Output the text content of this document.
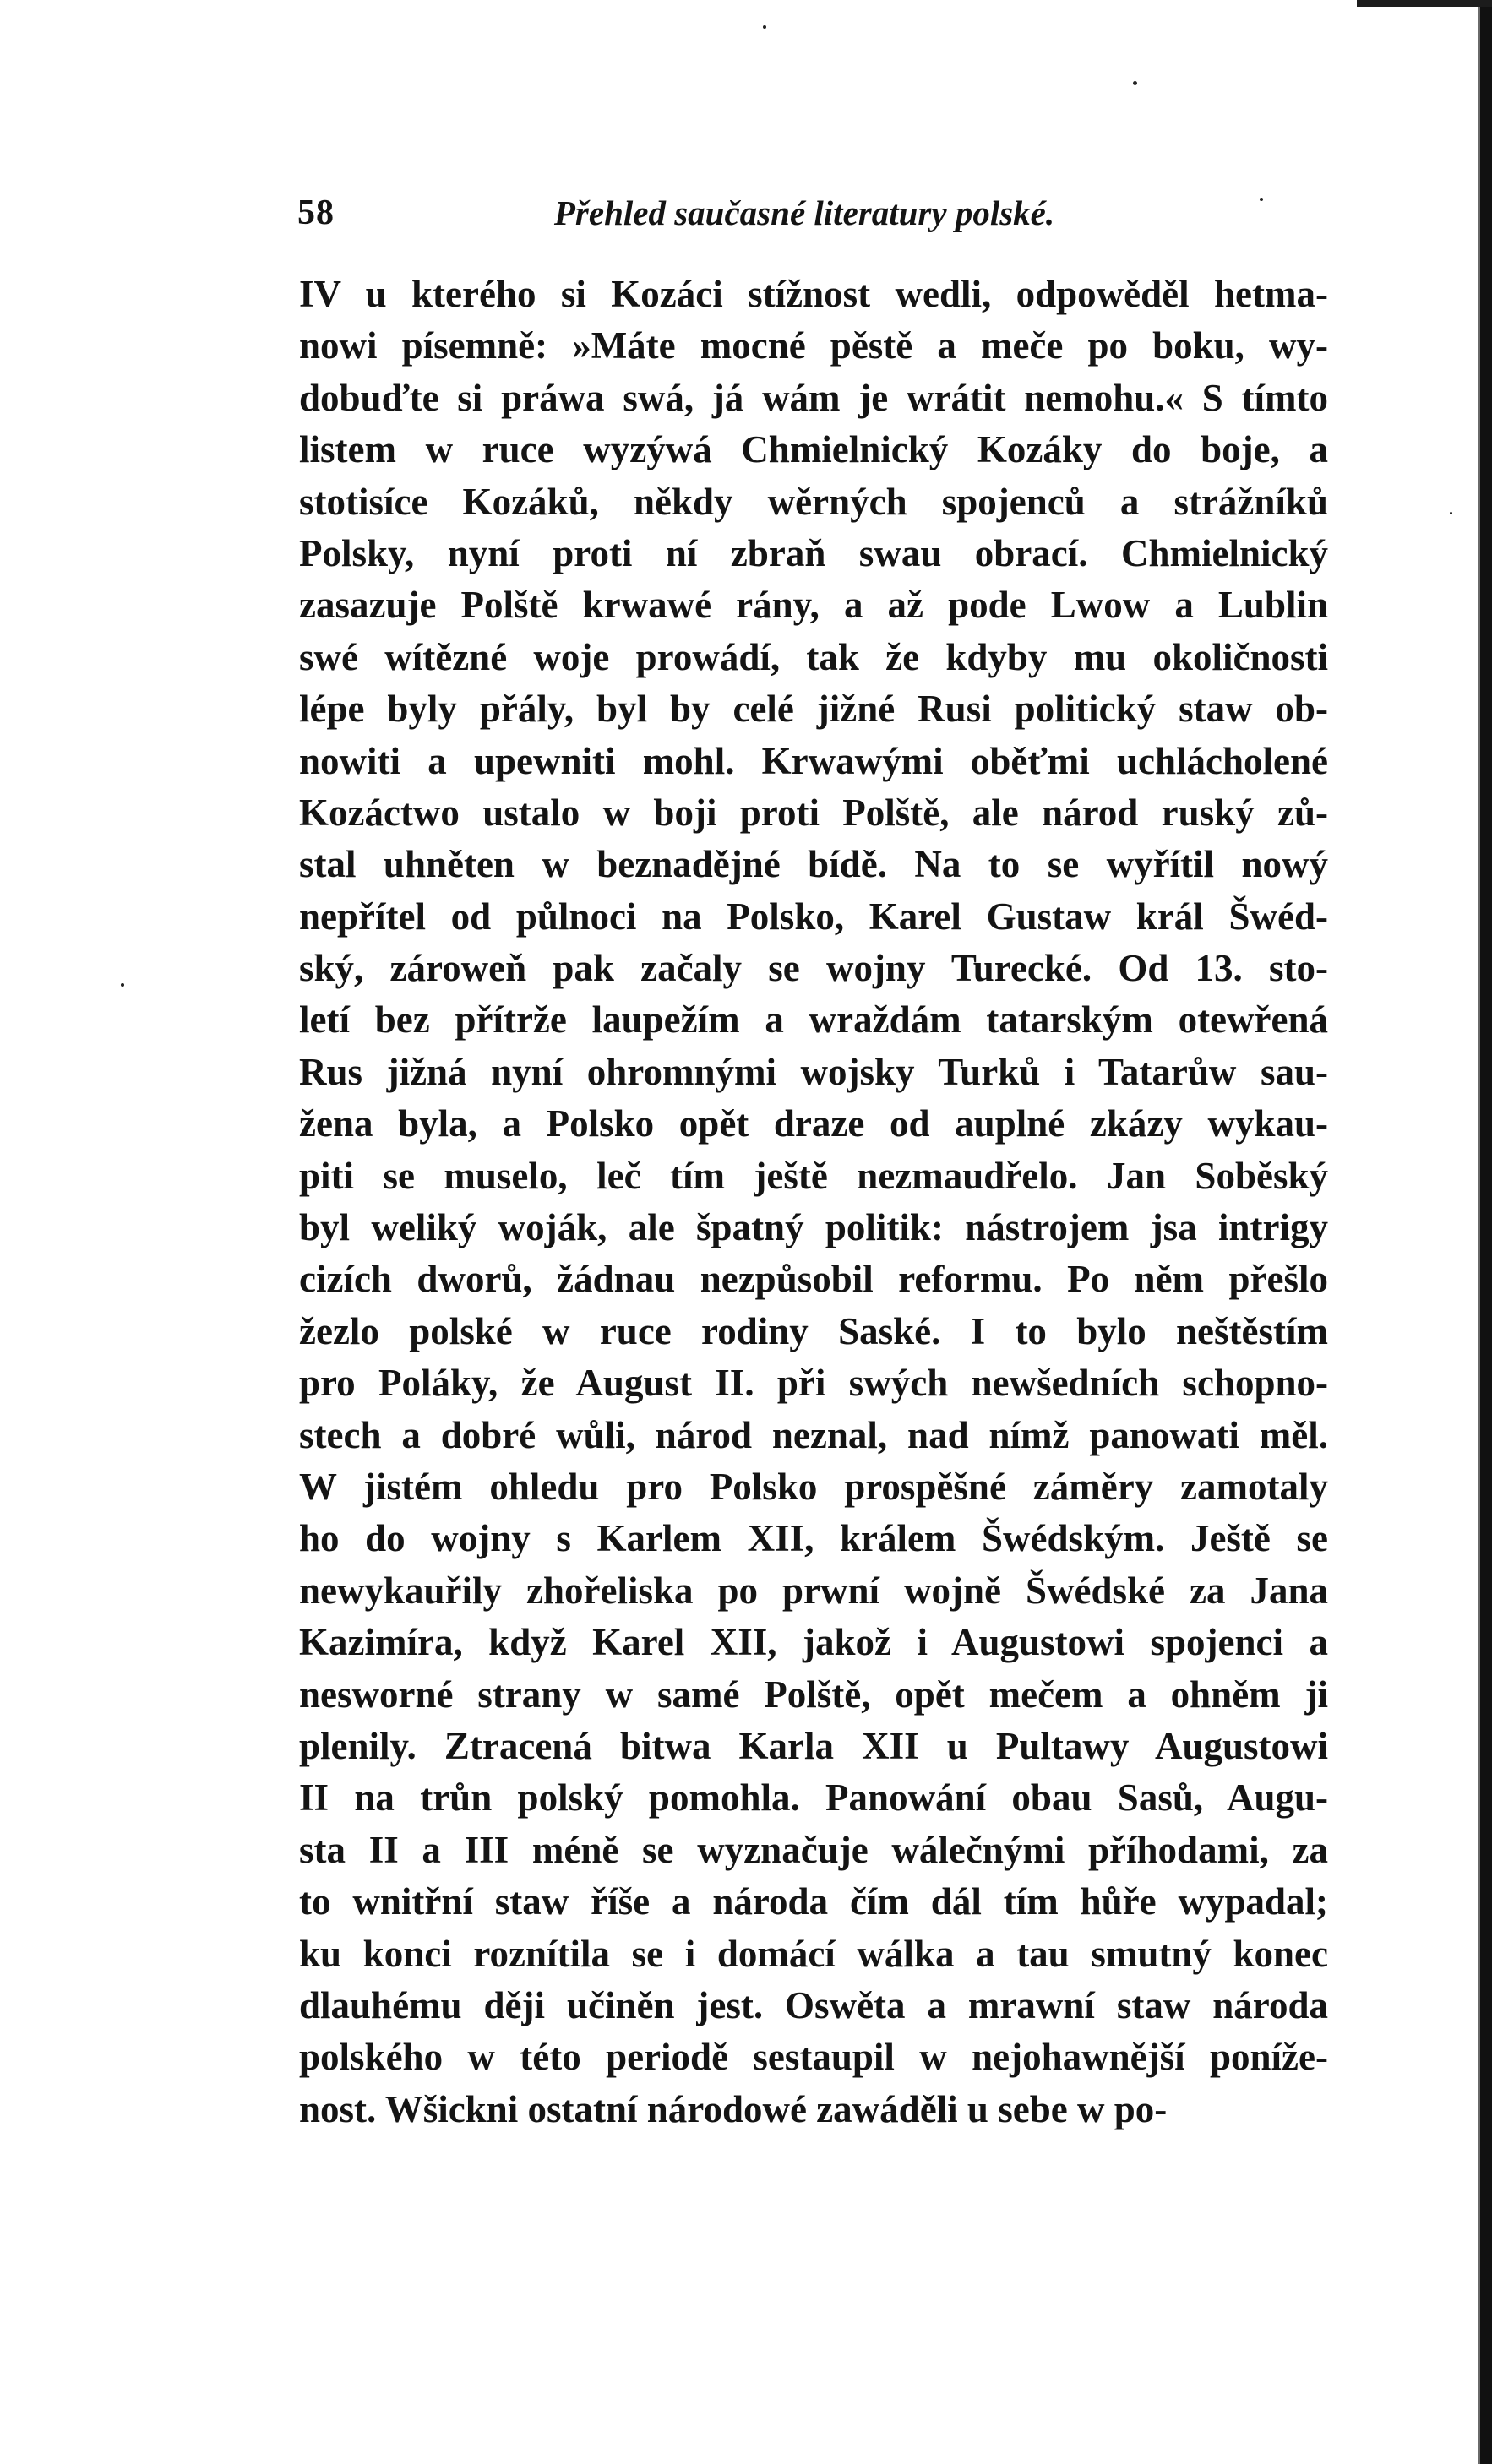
58	Přehled saučasné literatury polské.
IV u kterého si Kozáci stížnost wedli, odpowěděl hetma-
nowi písemně: »Máte mocné pěstě a meče po boku, wy-
dobuďte si práwa swá, já wám je wrátit nemohu.« S tímto
listem w ruce wyzýwá Chmielnický Kozáky do boje, a
stotisíce Kozáků, někdy wěrných spojenců a strážníků
Polsky, nyní proti ní zbraň swau obrací. Chmielnický
zasazuje Polště krwawé rány, a až pode Lwow a Lublin
swé wítězné woje prowádí, tak že kdyby mu okoličnosti
lépe byly přály, byl by celé jižné Rusi politický staw ob-
nowiti a upewniti mohl. Krwawými oběťmi uchlácholené
Kozáctwo ustalo w boji proti Polště, ale národ ruský zů-
stal uhněten w beznadějné bídě. Na to se wyřítil nowý
nepřítel od půlnoci na Polsko, Karel Gustaw král Šwéd-
ský, zároweň pak začaly se wojny Turecké. Od 13. sto-
letí bez přítrže laupežím a wraždám tatarským otewřená
Rus jižná nyní ohromnými wojsky Turků i Tatarůw sau-
žena byla, a Polsko opět draze od auplné zkázy wykau-
piti se muselo, leč tím ještě nezmaudřelo. Jan Soběský
byl weliký woják, ale špatný politik: nástrojem jsa intrigy
cizích dworů, žádnau nezpůsobil reformu. Po něm přešlo
žezlo polské w ruce rodiny Saské. I to bylo neštěstím
pro Poláky, že August II. při swých newšedních schopno-
stech a dobré wůli, národ neznal, nad nímž panowati měl.
W jistém ohledu pro Polsko prospěšné záměry zamotaly
ho do wojny s Karlem XII, králem Šwédským. Ještě se
newykauřily zhořeliska po prwní wojně Šwédské za Jana
Kazimíra, když Karel XII, jakož i Augustowi spojenci a
nesworné strany w samé Polště, opět mečem a ohněm ji
plenily. Ztracená bitwa Karla XII u Pultawy Augustowi
II na trůn polský pomohla. Panowání obau Sasů, Augu-
sta II a III méně se wyznačuje wálečnými příhodami, za
to wnitřní staw říše a národa čím dál tím hůře wypadal;
ku konci roznítila se i domácí wálka a tau smutný konec
dlauhému ději učiněn jest. Oswěta a mrawní staw národa
polského w této periodě sestaupil w nejohawnější poníže-
nost. Wšickni ostatní národowé zawáděli u sebe w po-
